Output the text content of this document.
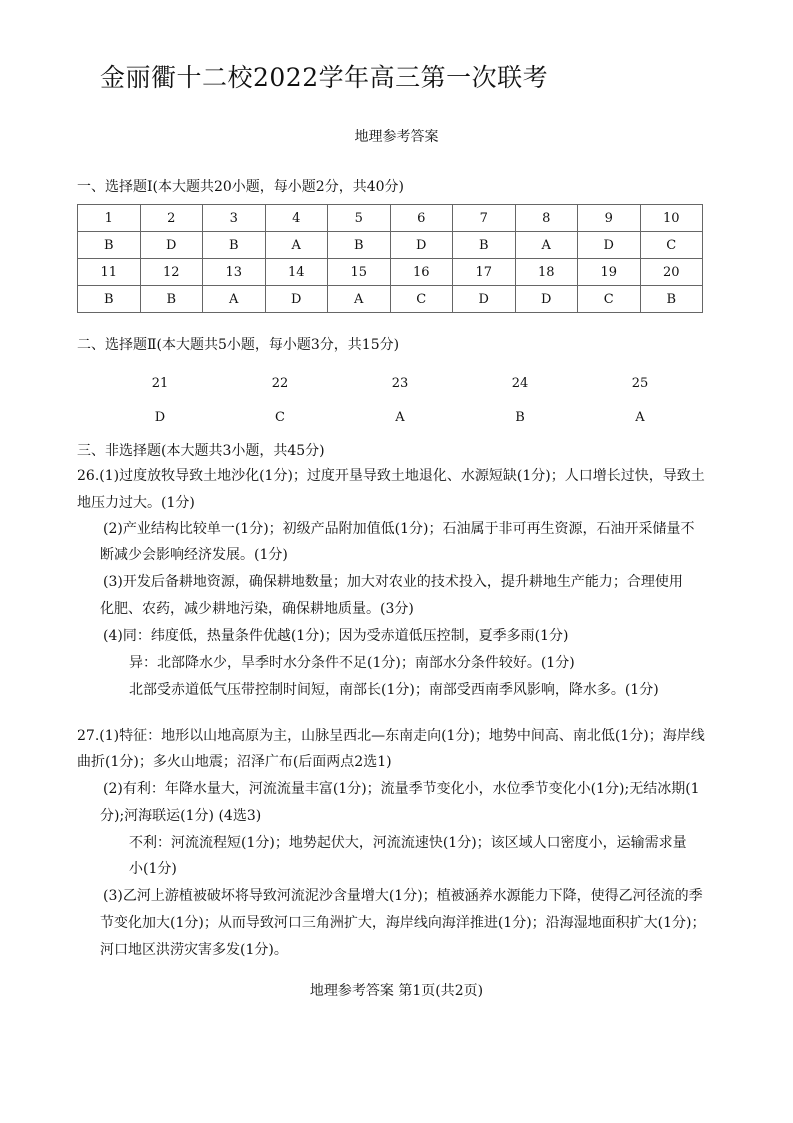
金丽衢十二校2022学年高三第一次联考
地理参考答案
一、选择题Ⅰ(本大题共20小题，每小题2分，共40分)
1	2	3	4	5	6	7	8	9	10
B	D	B	A	B	D	B	A	D	C
11	12	13	14	15	16	17	18	19	20
B	B	A	D	A	C	D	D	C	B
二、选择题Ⅱ(本大题共5小题，每小题3分，共15分)
21	22	23	24	25
D	C	A	B	A
三、非选择题(本大题共3小题，共45分)
26.(1)过度放牧导致土地沙化(1分)；过度开垦导致土地退化、水源短缺(1分)；人口增长过快，导致土
地压力过大。(1分)
(2)产业结构比较单一(1分)；初级产品附加值低(1分)；石油属于非可再生资源，石油开采储量不
断减少会影响经济发展。(1分)
(3)开发后备耕地资源，确保耕地数量；加大对农业的技术投入，提升耕地生产能力；合理使用
化肥、农药，减少耕地污染，确保耕地质量。(3分)
(4)同：纬度低，热量条件优越(1分)；因为受赤道低压控制，夏季多雨(1分)
异：北部降水少，旱季时水分条件不足(1分)；南部水分条件较好。(1分)
北部受赤道低气压带控制时间短，南部长(1分)；南部受西南季风影响，降水多。(1分)
27.(1)特征：地形以山地高原为主，山脉呈西北—东南走向(1分)；地势中间高、南北低(1分)；海岸线
曲折(1分)；多火山地震；沼泽广布(后面两点2选1)
(2)有利：年降水量大，河流流量丰富(1分)；流量季节变化小，水位季节变化小(1分);无结冰期(1
分);河海联运(1分) (4选3)
不利：河流流程短(1分)；地势起伏大，河流流速快(1分)；该区域人口密度小，运输需求量
小(1分)
(3)乙河上游植被破坏将导致河流泥沙含量增大(1分)；植被涵养水源能力下降，使得乙河径流的季
节变化加大(1分)；从而导致河口三角洲扩大，海岸线向海洋推进(1分)；沿海湿地面积扩大(1分)；
河口地区洪涝灾害多发(1分)。
地理参考答案 第1页(共2页)
